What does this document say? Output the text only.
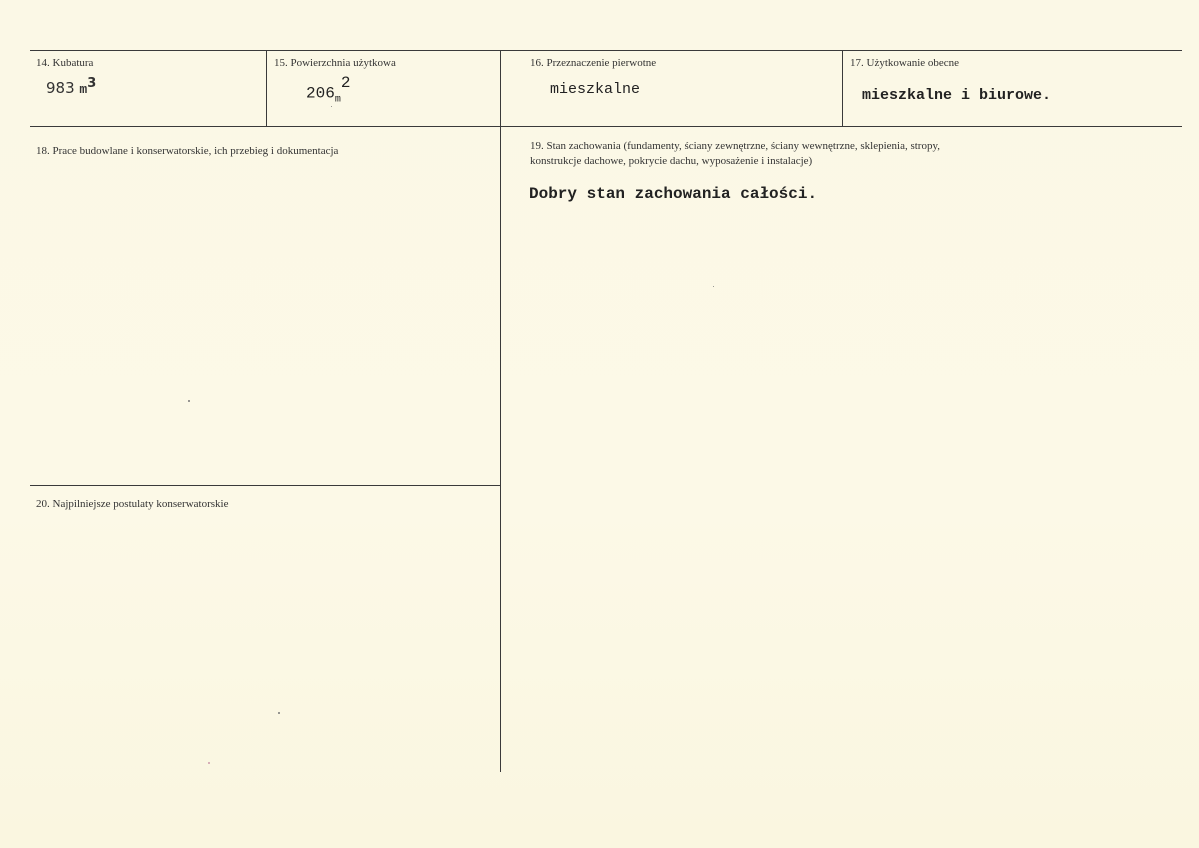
14. Kubatura
983 $m^3$
15. Powierzchnia użytkowa
$206_m^2$
16. Przeznaczenie pierwotne
mieszkalne
17. Użytkowanie obecne
mieszkalne i biurowe.
18. Prace budowlane i konserwatorskie, ich przebieg i dokumentacja	19. Stan zachowania (fundamenty, ściany zewnętrzne, ściany wewnętrzne, sklepienia, stropy,
konstrukcje dachowe, pokrycie dachu, wyposażenie i instalacje)
Dobry stan zachowania całości.
20. Najpilniejsze postulaty konserwatorskie
